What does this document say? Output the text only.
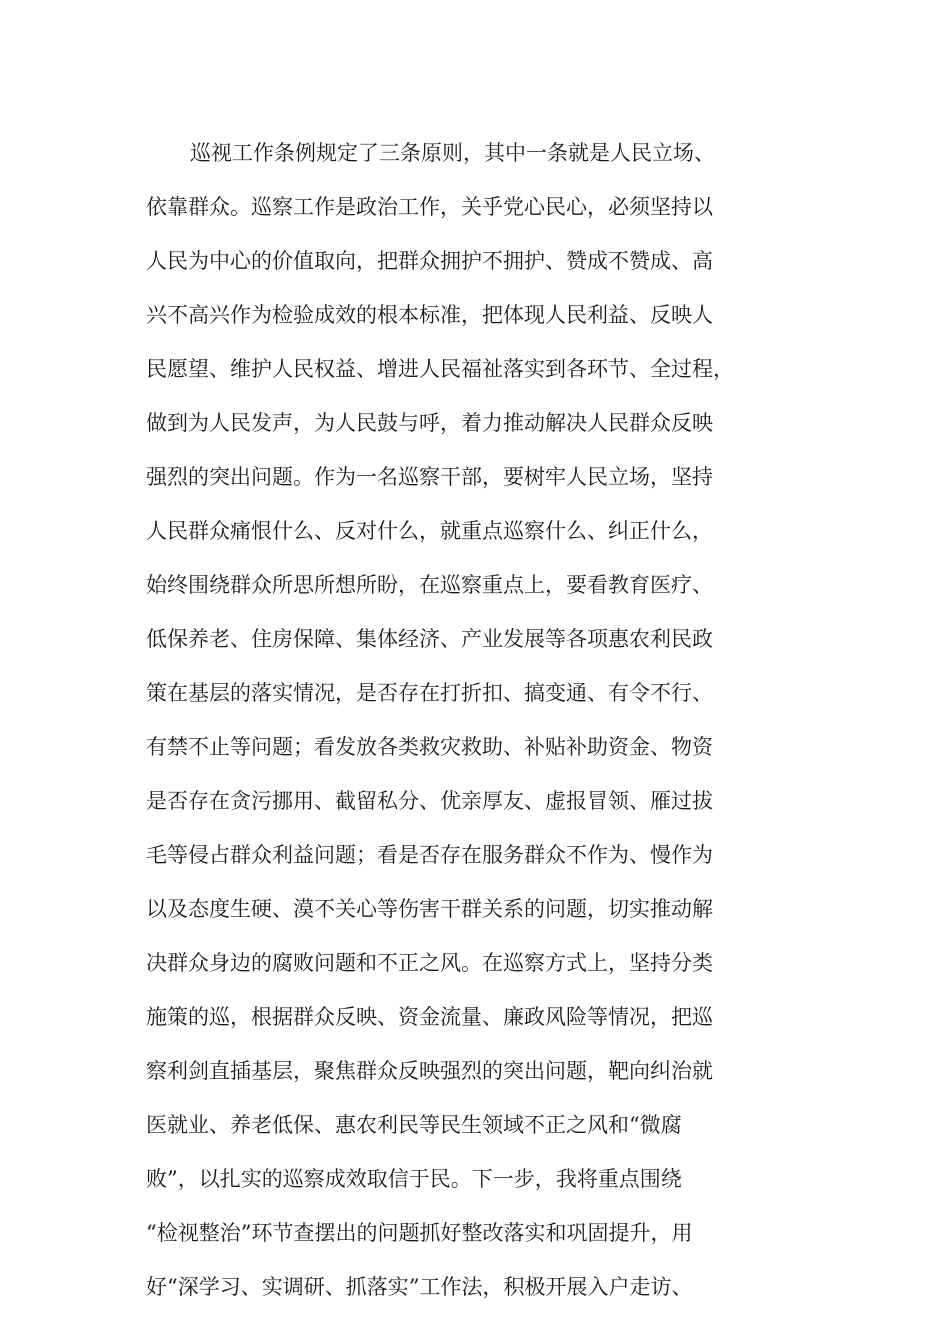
巡视工作条例规定了三条原则，其中一条就是人民立场、
依靠群众。巡察工作是政治工作，关乎党心民心，必须坚持以
人民为中心的价值取向，把群众拥护不拥护、赞成不赞成、高
兴不高兴作为检验成效的根本标准，把体现人民利益、反映人
民愿望、维护人民权益、增进人民福祉落实到各环节、全过程，
做到为人民发声，为人民鼓与呼，着力推动解决人民群众反映
强烈的突出问题。作为一名巡察干部，要树牢人民立场，坚持
人民群众痛恨什么、反对什么，就重点巡察什么、纠正什么，
始终围绕群众所思所想所盼，在巡察重点上，要看教育医疗、
低保养老、住房保障、集体经济、产业发展等各项惠农利民政
策在基层的落实情况，是否存在打折扣、搞变通、有令不行、
有禁不止等问题；看发放各类救灾救助、补贴补助资金、物资
是否存在贪污挪用、截留私分、优亲厚友、虚报冒领、雁过拔
毛等侵占群众利益问题；看是否存在服务群众不作为、慢作为
以及态度生硬、漠不关心等伤害干群关系的问题，切实推动解
决群众身边的腐败问题和不正之风。在巡察方式上，坚持分类
施策的巡，根据群众反映、资金流量、廉政风险等情况，把巡
察利剑直插基层，聚焦群众反映强烈的突出问题，靶向纠治就
医就业、养老低保、惠农利民等民生领域不正之风和“微腐
败”，以扎实的巡察成效取信于民。下一步，我将重点围绕
“检视整治”环节查摆出的问题抓好整改落实和巩固提升，用
好“深学习、实调研、抓落实”工作法，积极开展入户走访、
